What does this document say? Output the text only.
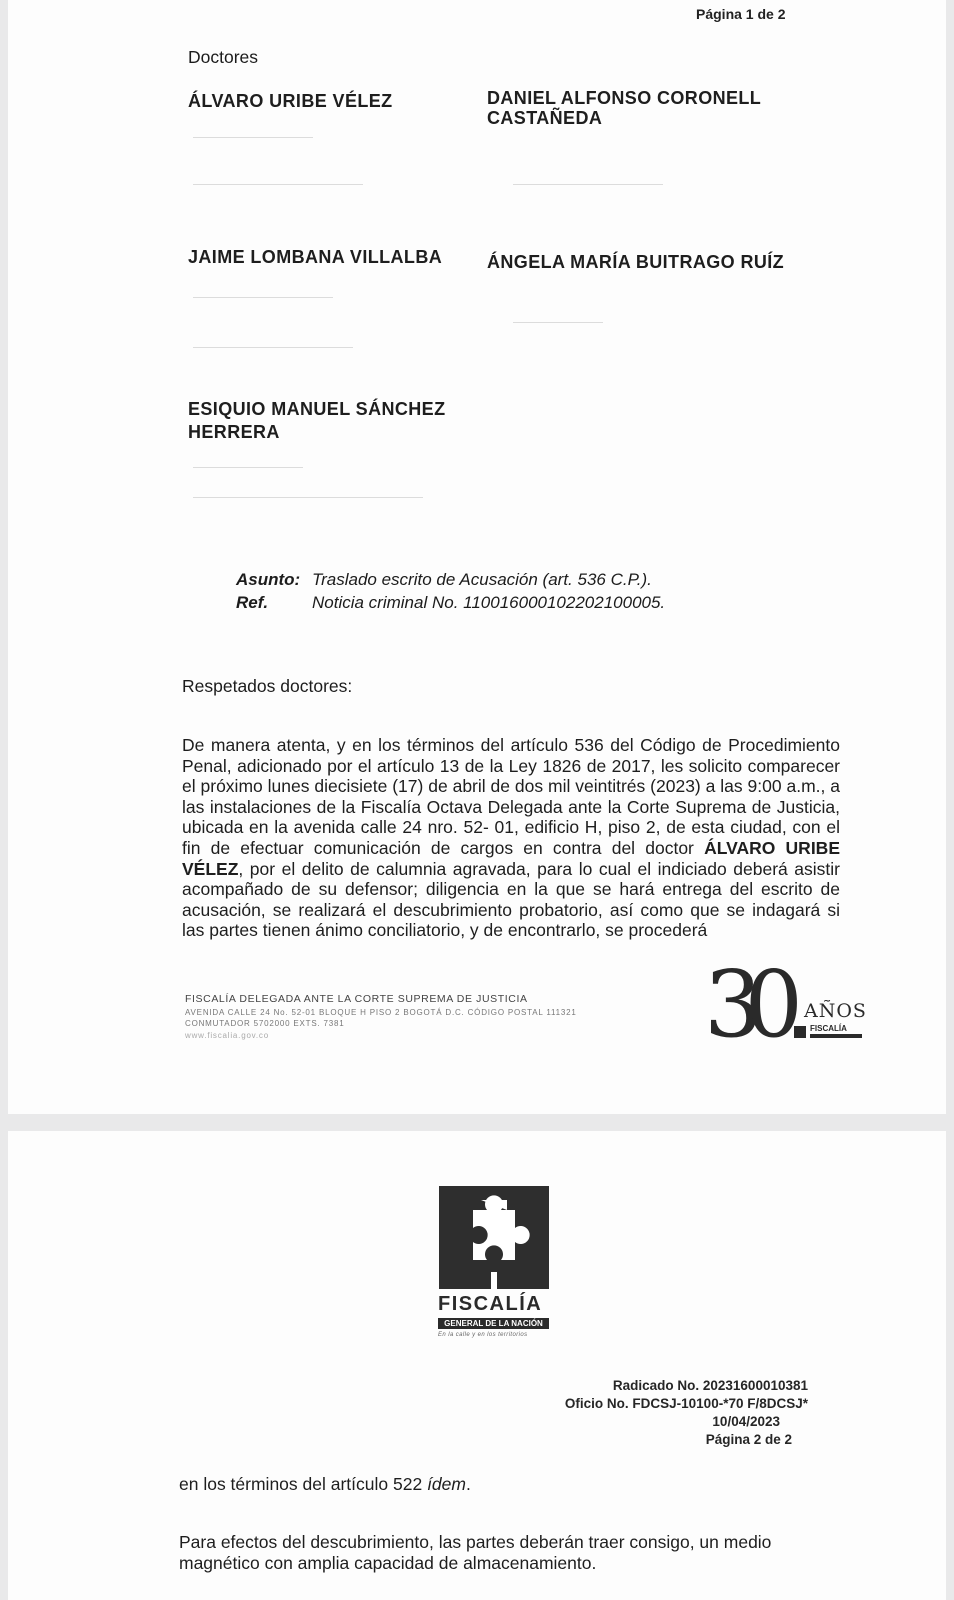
Página 1 de 2
Doctores
ÁLVARO URIBE VÉLEZ	DANIEL ALFONSO CORONELL
CASTAÑEDA
JAIME LOMBANA VILLALBA ÁNGELA MARÍA BUITRAGO RUÍZ
ESIQUIO MANUEL SÁNCHEZ
HERRERA
Asunto: Traslado escrito de Acusación (art. 536 C.P.).
Ref.	Noticia criminal No. 11001600010220210000​5.
Respetados doctores:
De manera atenta, y en los términos del artículo 536 del Código de Procedimiento Penal, adicionado por el artículo 13 de la Ley 1826 de 2017, les solicito comparecer el próximo lunes diecisiete (17) de abril de dos mil veintitrés (2023) a las 9:00 a.m., a las instalaciones de la Fiscalía Octava Delegada ante la Corte Suprema de Justicia, ubicada en la avenida calle 24 nro. 52- 01, edificio H, piso 2, de esta ciudad, con el fin de efectuar comunicación de cargos en contra del doctor ÁLVARO URIBE VÉLEZ, por el delito de calumnia agravada, para lo cual el indiciado deberá asistir acompañado de su defensor; diligencia en la que se hará entrega del escrito de acusación, se realizará el descubrimiento probatorio, así como que se indagará si las partes tienen ánimo conciliatorio, y de encontrarlo, se procederá
FISCALÍA DELEGADA ANTE LA CORTE SUPREMA DE JUSTICIA
AVENIDA CALLE 24 No. 52-01 BLOQUE H PISO 2 BOGOTÁ D.C. CÓDIGO POSTAL 111321
CONMUTADOR 5702000 EXTS. 7381
www.fiscalia.gov.co	30 AÑOS
FISCALÍA
FISCALÍA
GENERAL DE LA NACIÓN
En la calle y en los territorios
Radicado No. 20231600010381
Oficio No. FDCSJ-10100-*70 F/8DCSJ*
10/04/2023
Página 2 de 2
en los términos del artículo 522 ídem.
Para efectos del descubrimiento, las partes deberán traer consigo, un medio
magnético con amplia capacidad de almacenamiento.
